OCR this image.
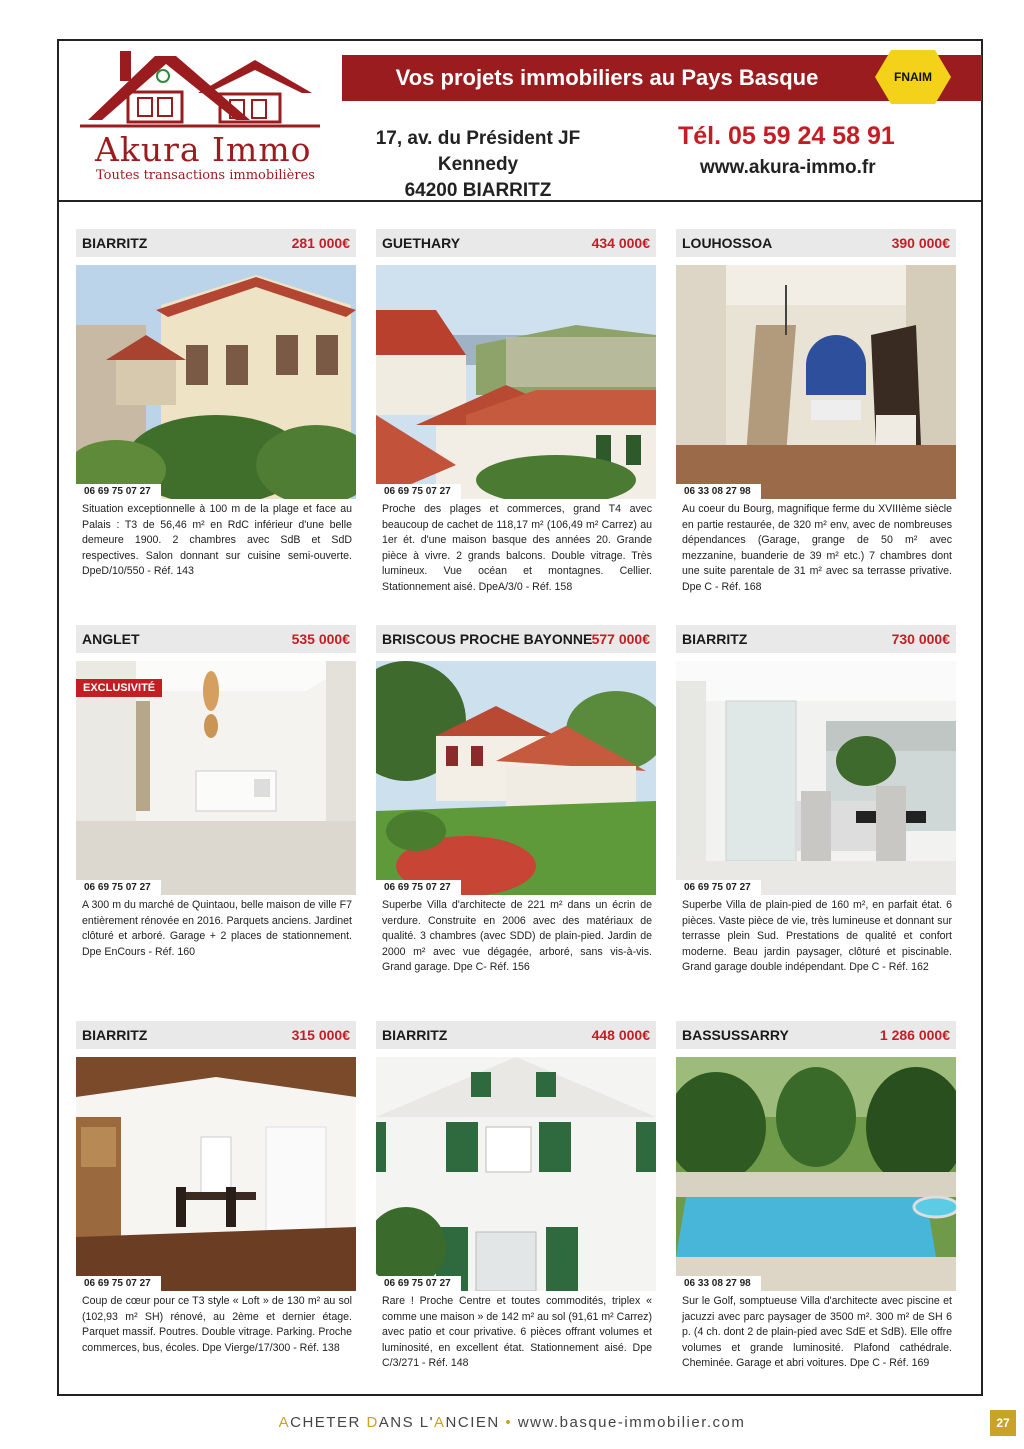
Akura Immo
Toutes transactions immobilières
Vos projets immobiliers au Pays Basque	FNAIM
17, av. du Président JF Kennedy
64200 BIARRITZ
Tél. 05 59 24 58 91
www.akura-immo.fr
BIARRITZ	281 000€
06 69 75 07 27
Situation exceptionnelle à 100 m de la plage et face au Palais : T3 de 56,46 m² en RdC inférieur d'une belle demeure 1900. 2 chambres avec SdB et SdD respectives. Salon donnant sur cuisine semi-ouverte. DpeD/10/550 - Réf. 143
GUETHARY	434 000€
06 69 75 07 27
Proche des plages et commerces, grand T4 avec beaucoup de cachet de 118,17 m² (106,49 m² Carrez) au 1er ét. d'une maison basque des années 20. Grande pièce à vivre. 2 grands balcons. Double vitrage. Très lumineux. Vue océan et montagnes. Cellier. Stationnement aisé. DpeA/3/0 - Réf. 158
LOUHOSSOA	390 000€
06 33 08 27 98
Au coeur du Bourg, magnifique ferme du XVIIIème siècle en partie restaurée, de 320 m² env, avec de nombreuses dépendances (Garage, grange de 50 m² avec mezzanine, buanderie de 39 m² etc.) 7 chambres dont une suite parentale de 31 m² avec sa terrasse privative. Dpe C - Réf. 168
ANGLET	535 000€
EXCLUSIVITÉ
06 69 75 07 27
A 300 m du marché de Quintaou, belle maison de ville F7 entièrement rénovée en 2016. Parquets anciens. Jardinet clôturé et arboré. Garage + 2 places de stationnement. Dpe EnCours - Réf. 160
BRISCOUS PROCHE BAYONNE 577 000€
06 69 75 07 27
Superbe Villa d'architecte de 221 m² dans un écrin de verdure. Construite en 2006 avec des matériaux de qualité. 3 chambres (avec SDD) de plain-pied. Jardin de 2000 m² avec vue dégagée, arboré, sans vis-à-vis. Grand garage. Dpe C- Réf. 156
BIARRITZ	730 000€
06 69 75 07 27
Superbe Villa de plain-pied de 160 m², en parfait état. 6 pièces. Vaste pièce de vie, très lumineuse et donnant sur terrasse plein Sud. Prestations de qualité et confort moderne. Beau jardin paysager, clôturé et piscinable. Grand garage double indépendant. Dpe C - Réf. 162
BIARRITZ	315 000€
06 69 75 07 27
Coup de cœur pour ce T3 style « Loft » de 130 m² au sol (102,93 m² SH) rénové, au 2ème et dernier étage. Parquet massif. Poutres. Double vitrage. Parking. Proche commerces, bus, écoles. Dpe Vierge/17/300 - Réf. 138
BIARRITZ	448 000€
06 69 75 07 27
Rare ! Proche Centre et toutes commodités, triplex « comme une maison » de 142 m² au sol (91,61 m² Carrez) avec patio et cour privative. 6 pièces offrant volumes et luminosité, en excellent état. Stationnement aisé. Dpe C/3/271 - Réf. 148
BASSUSSARRY	1 286 000€
06 33 08 27 98
Sur le Golf, somptueuse Villa d'architecte avec piscine et jacuzzi avec parc paysager de 3500 m². 300 m² de SH 6 p. (4 ch. dont 2 de plain-pied avec SdE et SdB). Elle offre volumes et grande luminosité. Plafond cathédrale. Cheminée. Garage et abri voitures. Dpe C - Réf. 169
ACHETER DANS L'ANCIEN • www.basque-immobilier.com	27
